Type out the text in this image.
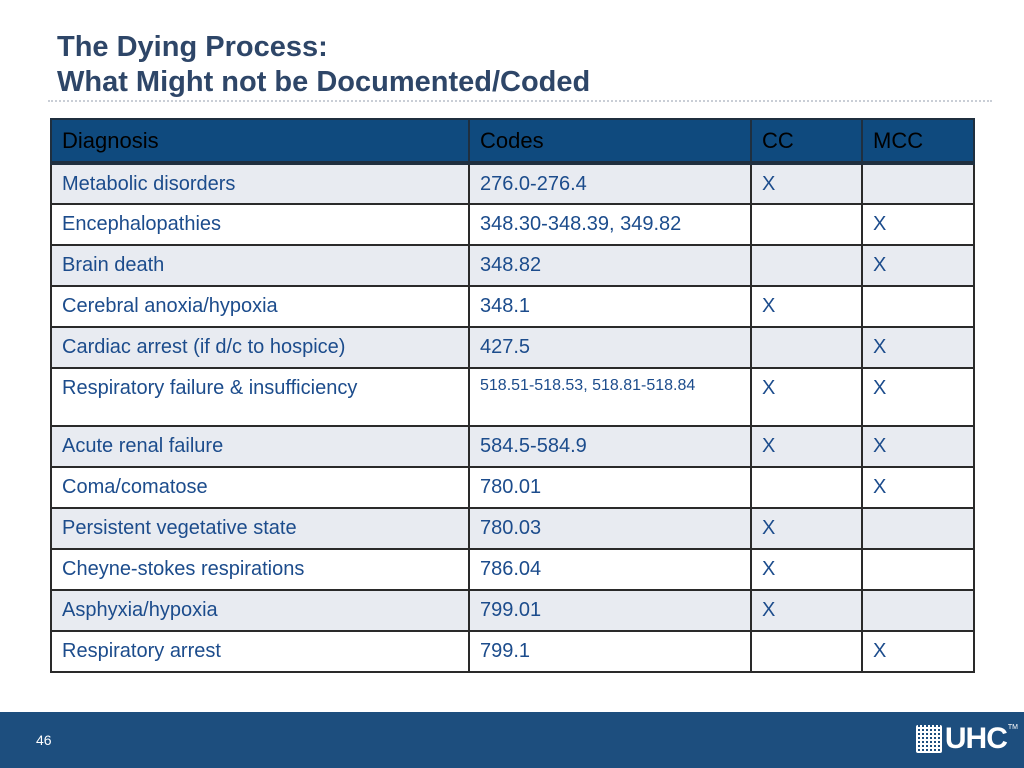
The Dying Process:
What Might not be Documented/Coded
Diagnosis	Codes	CC	MCC
Metabolic disorders	276.0-276.4	X	
Encephalopathies	348.30-348.39, 349.82		X
Brain death	348.82		X
Cerebral anoxia/hypoxia	348.1	X	
Cardiac arrest (if d/c to hospice)	427.5		X
Respiratory failure & insufficiency	518.51-518.53, 518.81-518.84	X	X
Acute renal failure	584.5-584.9	X	X
Coma/comatose	780.01		X
Persistent vegetative state	780.03	X	
Cheyne-stokes respirations	786.04	X	
Asphyxia/hypoxia	799.01	X	
Respiratory arrest	799.1		X
46	UHC TM
